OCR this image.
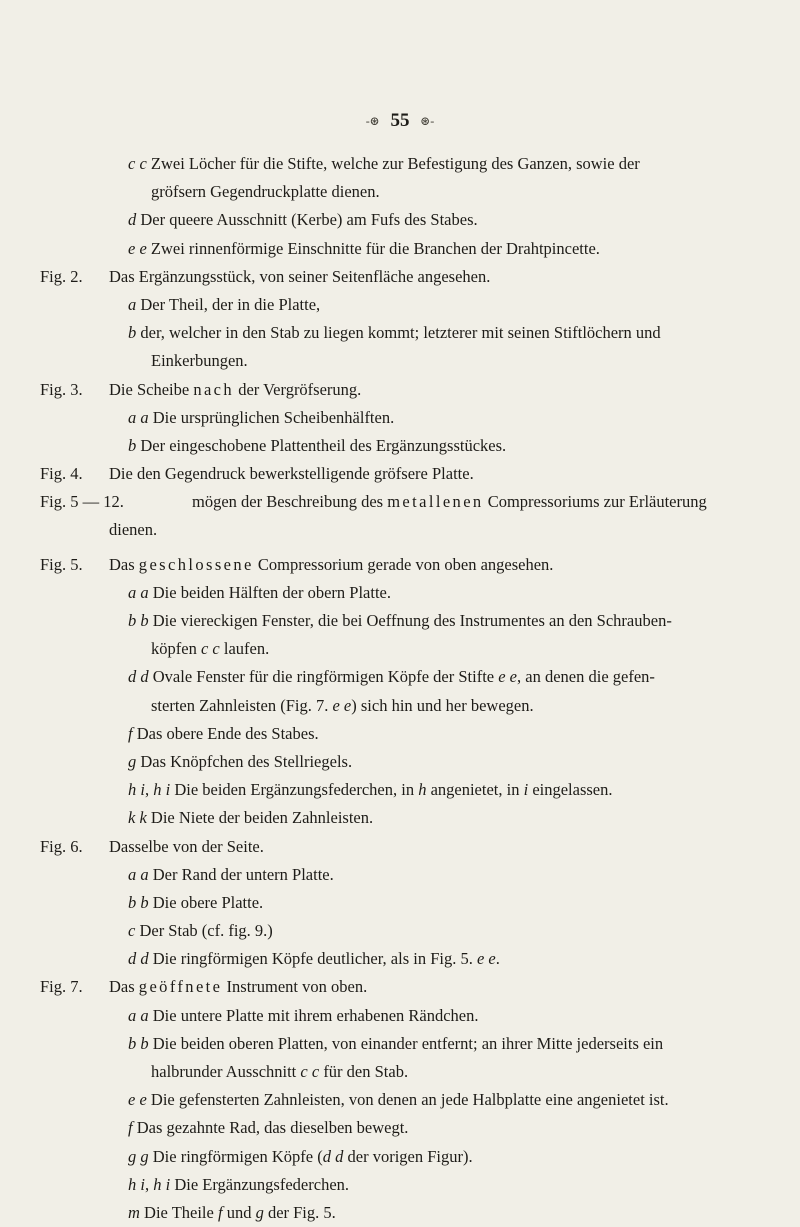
-⊛ 55 ⊛-
c c Zwei Löcher für die Stifte, welche zur Befestigung des Ganzen, sowie der
gröfsern Gegendruckplatte dienen.
d Der queere Ausschnitt (Kerbe) am Fufs des Stabes.
e e Zwei rinnenförmige Einschnitte für die Branchen der Drahtpincette.
Fig. 2. Das Ergänzungsstück, von seiner Seitenfläche angesehen.
a Der Theil, der in die Platte,
b der, welcher in den Stab zu liegen kommt; letzterer mit seinen Stiftlöchern und
Einkerbungen.
Fig. 3. Die Scheibe nach der Vergröfserung.
a a Die ursprünglichen Scheibenhälften.
b Der eingeschobene Plattentheil des Ergänzungsstückes.
Fig. 4. Die den Gegendruck bewerkstelligende gröfsere Platte.
Fig. 5 — 12.	mögen der Beschreibung des metallenen Compressoriums zur Erläuterung
dienen.
Fig. 5. Das geschlossene Compressorium gerade von oben angesehen.
a a Die beiden Hälften der obern Platte.
b b Die viereckigen Fenster, die bei Oeffnung des Instrumentes an den Schrauben-
köpfen c c laufen.
d d Ovale Fenster für die ringförmigen Köpfe der Stifte e e, an denen die gefen-
sterten Zahnleisten (Fig. 7. e e) sich hin und her bewegen.
f Das obere Ende des Stabes.
g Das Knöpfchen des Stellriegels.
h i, h i Die beiden Ergänzungsfederchen, in h angenietet, in i eingelassen.
k k Die Niete der beiden Zahnleisten.
Fig. 6. Dasselbe von der Seite.
a a Der Rand der untern Platte.
b b Die obere Platte.
c Der Stab (cf. fig. 9.)
d d Die ringförmigen Köpfe deutlicher, als in Fig. 5. e e.
Fig. 7. Das geöffnete Instrument von oben.
a a Die untere Platte mit ihrem erhabenen Rändchen.
b b Die beiden oberen Platten, von einander entfernt; an ihrer Mitte jederseits ein
halbrunder Ausschnitt c c für den Stab.
e e Die gefensterten Zahnleisten, von denen an jede Halbplatte eine angenietet ist.
f Das gezahnte Rad, das dieselben bewegt.
g g Die ringförmigen Köpfe (d d der vorigen Figur).
h i, h i Die Ergänzungsfederchen.
m Die Theile f und g der Fig. 5.
